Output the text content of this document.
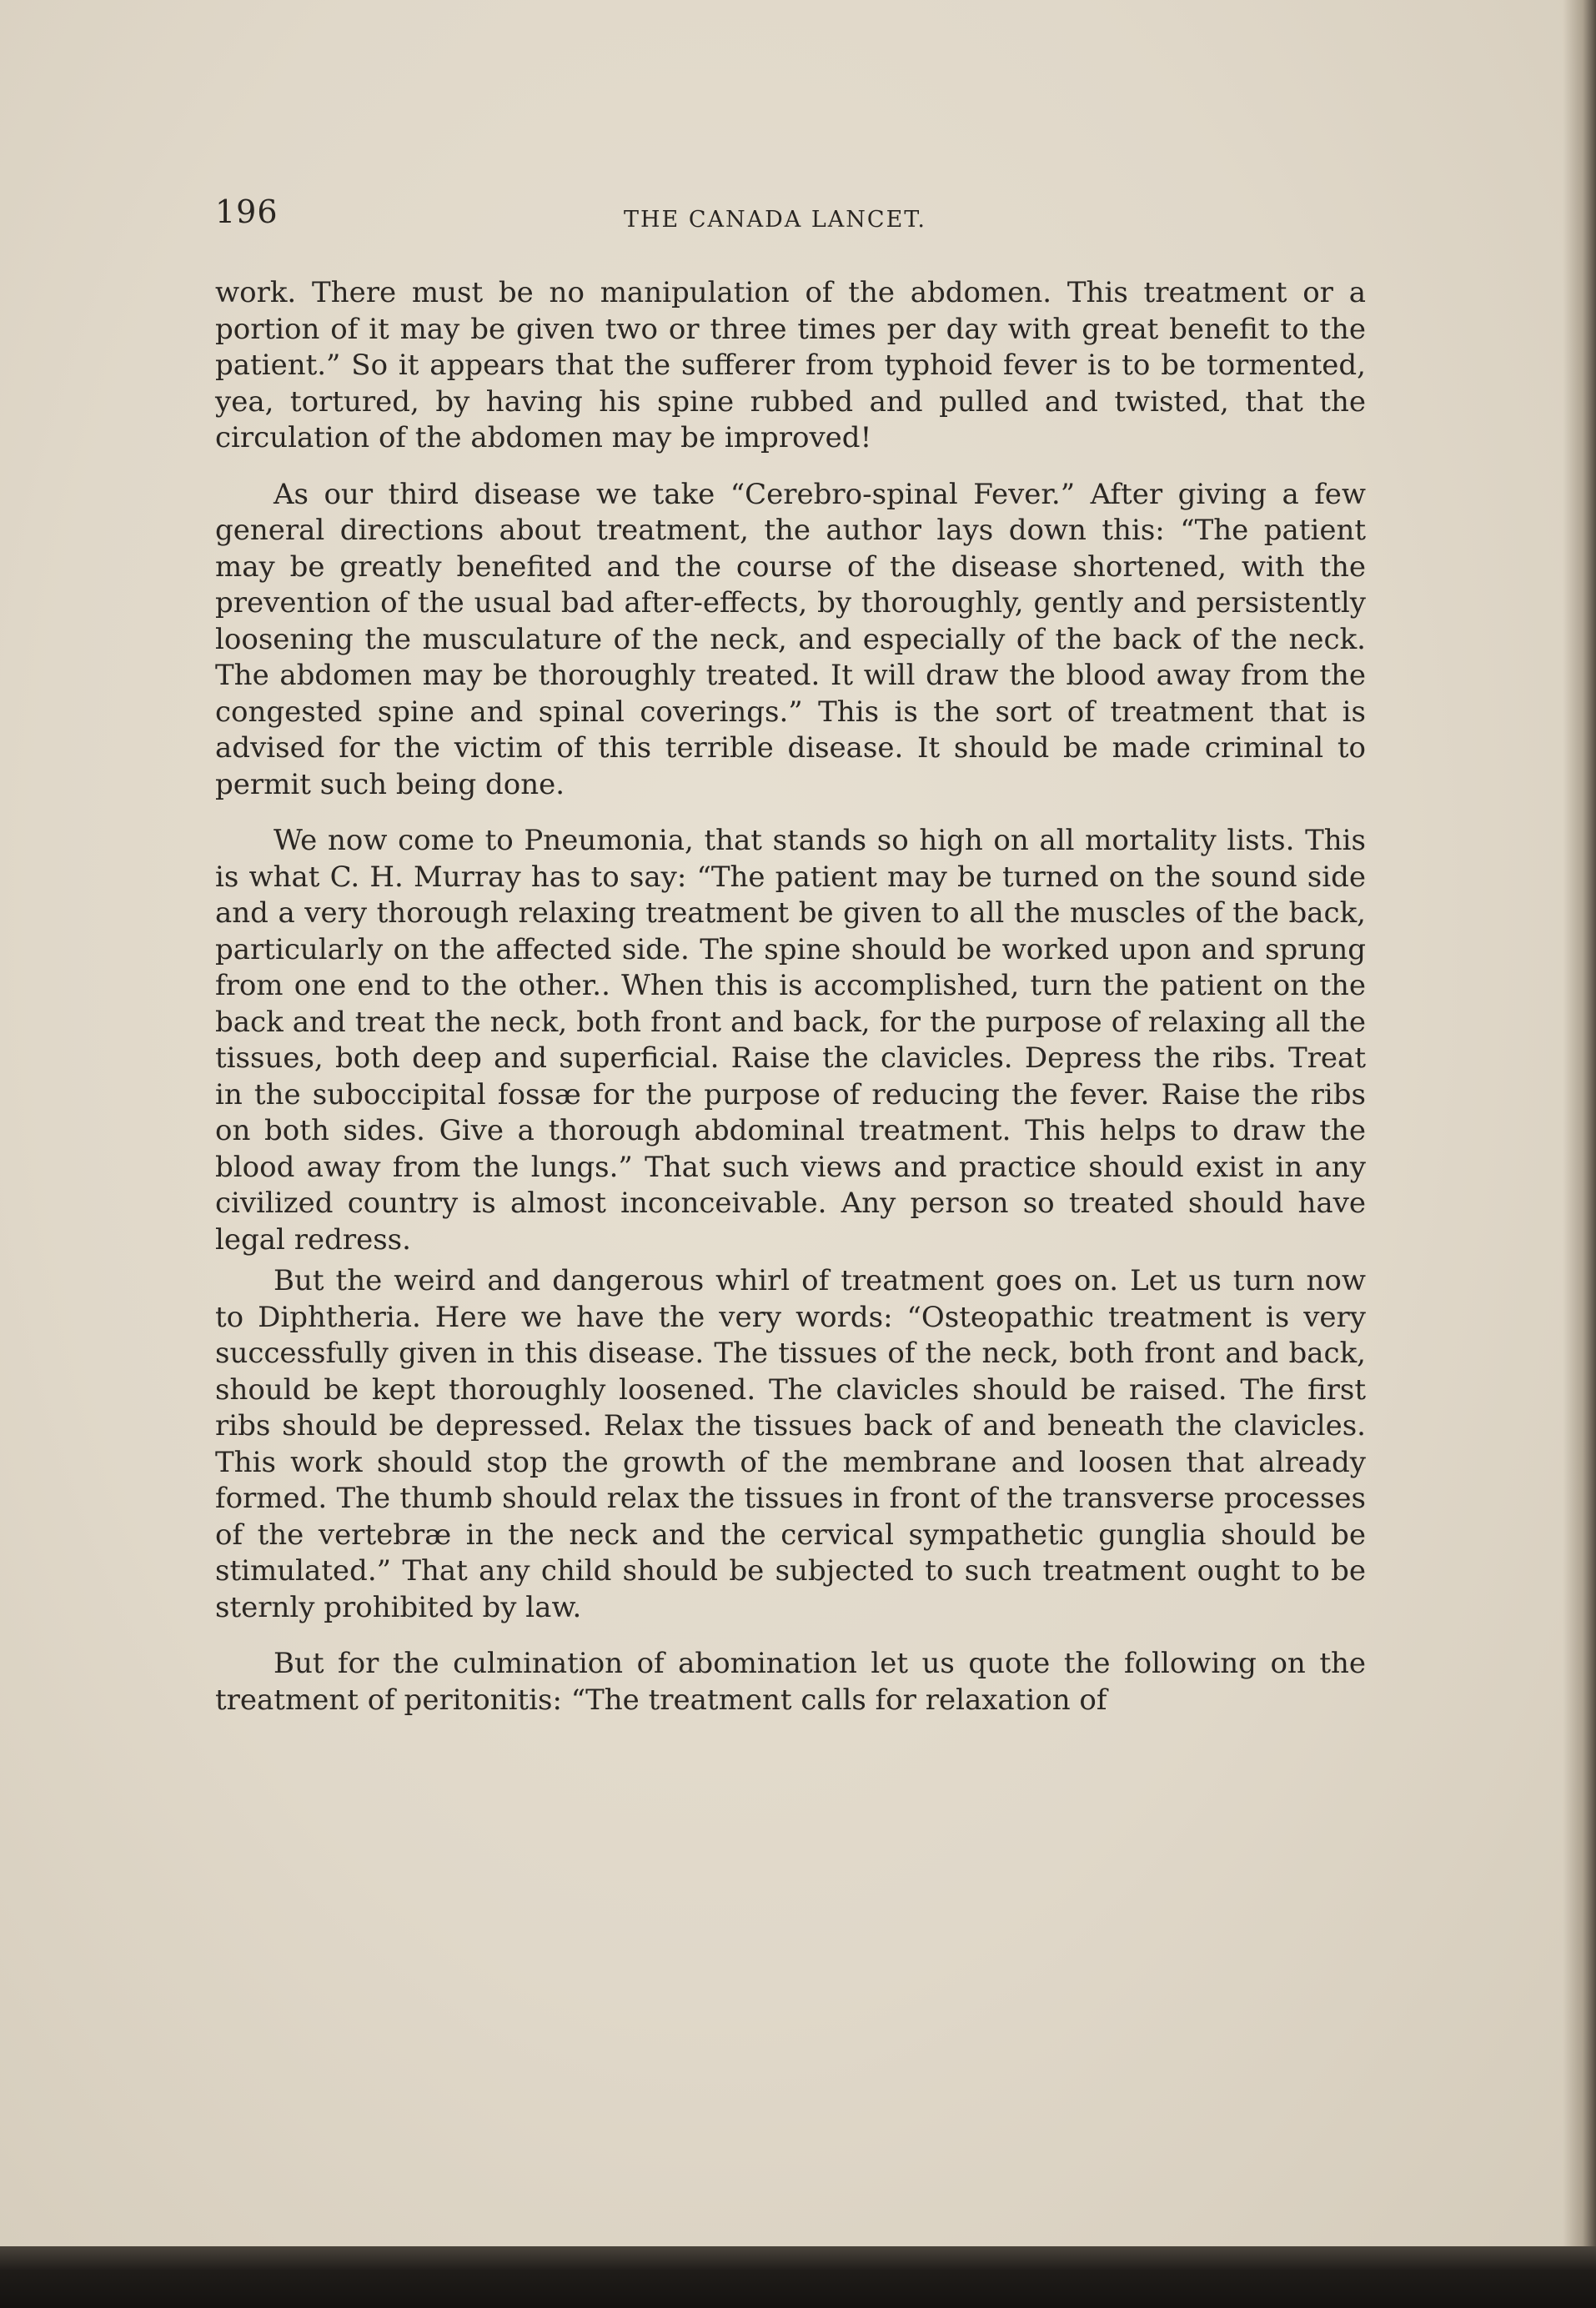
196	THE CANADA LANCET.

work. There must be no manipulation of the abdomen. This treatment or a portion of it may be given two or three times per day with great benefit to the patient.” So it appears that the sufferer from typhoid fever is to be tormented, yea, tortured, by having his spine rubbed and pulled and twisted, that the circulation of the abdomen may be improved!

As our third disease we take “Cerebro-spinal Fever.” After giving a few general directions about treatment, the author lays down this: “The patient may be greatly benefited and the course of the disease shortened, with the prevention of the usual bad after-effects, by thoroughly, gently and persistently loosening the musculature of the neck, and especially of the back of the neck. The abdomen may be thoroughly treated. It will draw the blood away from the congested spine and spinal coverings.” This is the sort of treatment that is advised for the victim of this terrible disease. It should be made criminal to permit such being done.

We now come to Pneumonia, that stands so high on all mortality lists. This is what C. H. Murray has to say: “The patient may be turned on the sound side and a very thorough relaxing treatment be given to all the muscles of the back, particularly on the affected side. The spine should be worked upon and sprung from one end to the other.. When this is accomplished, turn the patient on the back and treat the neck, both front and back, for the purpose of relaxing all the tissues, both deep and superficial. Raise the clavicles. Depress the ribs. Treat in the suboccipital fossæ for the purpose of reducing the fever. Raise the ribs on both sides. Give a thorough abdominal treatment. This helps to draw the blood away from the lungs.” That such views and practice should exist in any civilized country is almost inconceivable. Any person so treated should have legal redress.

But the weird and dangerous whirl of treatment goes on. Let us turn now to Diphtheria. Here we have the very words: “Osteopathic treatment is very successfully given in this disease. The tissues of the neck, both front and back, should be kept thoroughly loosened. The clavicles should be raised. The first ribs should be depressed. Relax the tissues back of and beneath the clavicles. This work should stop the growth of the membrane and loosen that already formed. The thumb should relax the tissues in front of the transverse processes of the vertebræ in the neck and the cervical sympathetic gunglia should be stimulated.” That any child should be subjected to such treatment ought to be sternly prohibited by law.

But for the culmination of abomination let us quote the following on the treatment of peritonitis: “The treatment calls for relaxation of
